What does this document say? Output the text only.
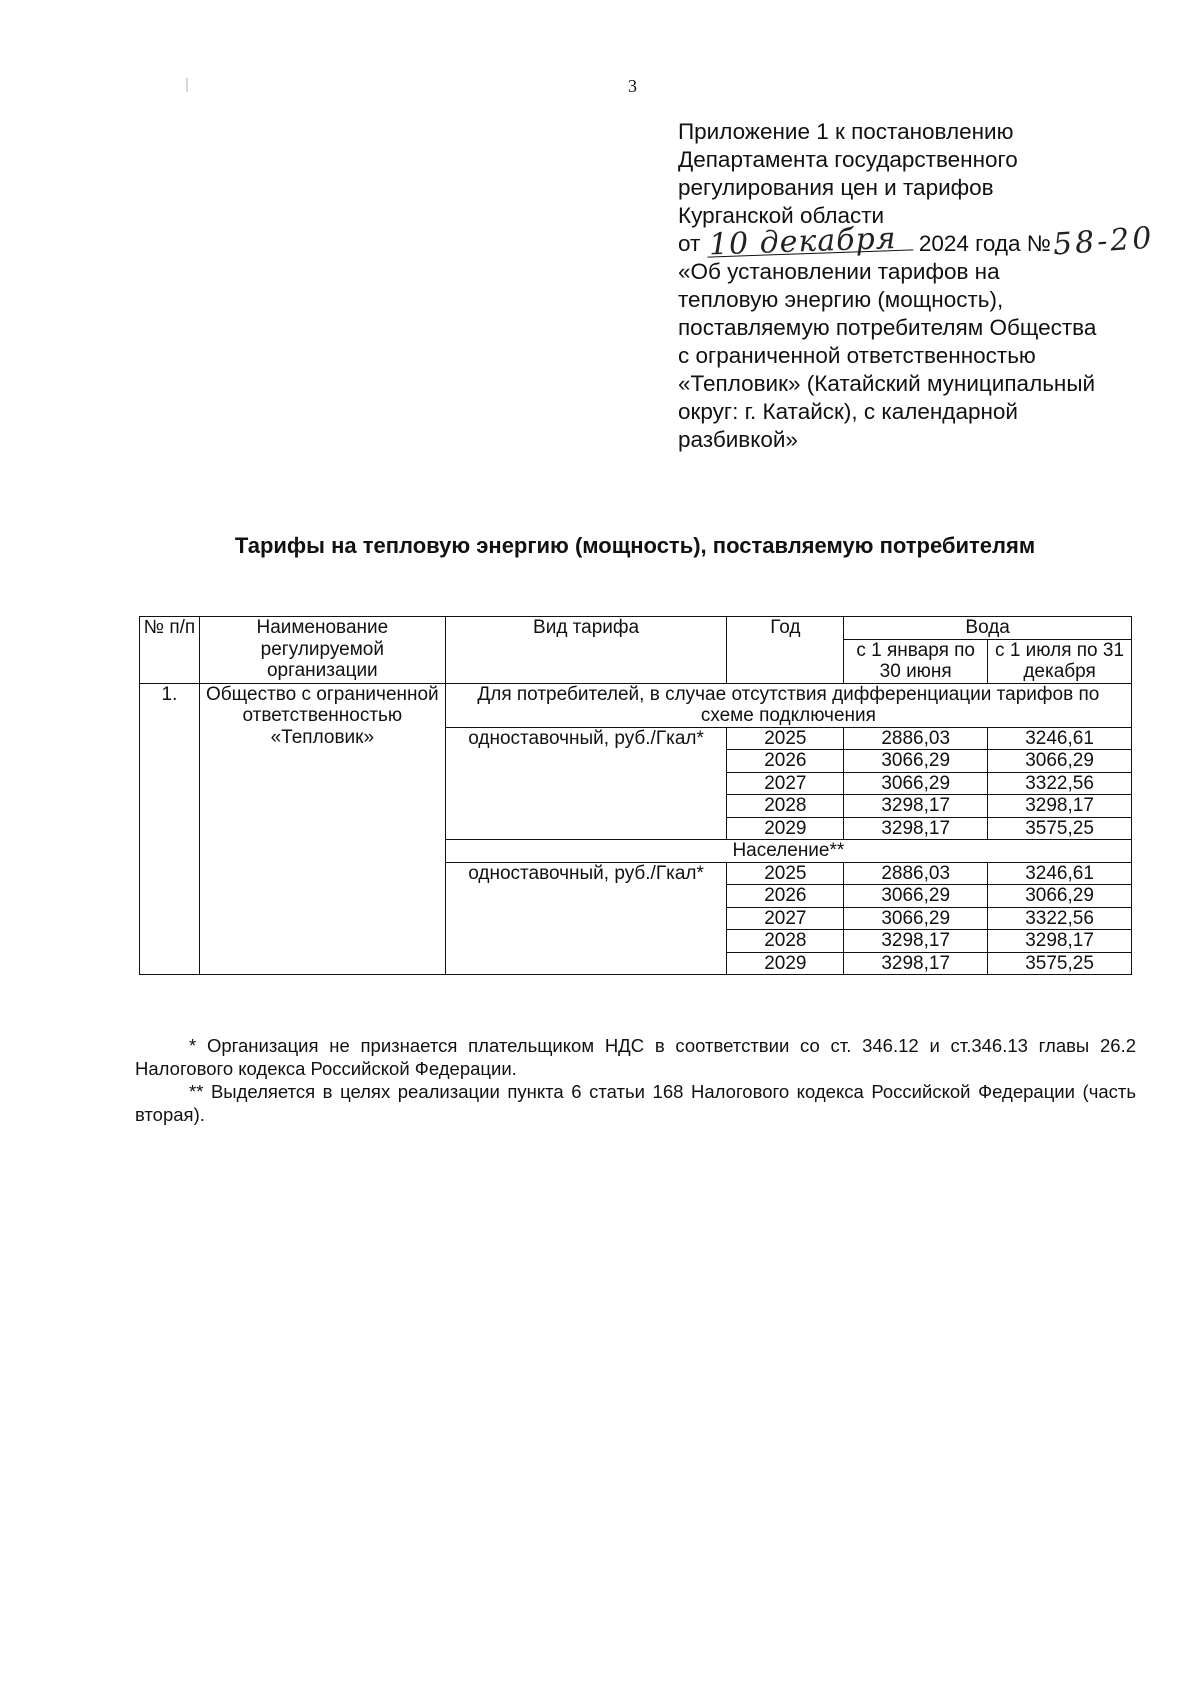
3
Приложение 1 к постановлению
Департамента государственного
регулирования цен и тарифов
Курганской области
от 10 декабря 2024 года №58-20
«Об установлении тарифов на
тепловую энергию (мощность),
поставляемую потребителям Общества
с ограниченной ответственностью
«Тепловик» (Катайский муниципальный
округ: г. Катайск), с календарной
разбивкой»
Тарифы на тепловую энергию (мощность), поставляемую потребителям
№ п/п	Наименование регулируемой организации	Вид тарифа	Год	Вода	
				с 1 января по 30 июня	с 1 июля по 31 декабря
1.	Общество с ограниченной ответственностью «Тепловик»	Для потребителей, в случае отсутствия дифференциации тарифов по схеме подключения			
		одноставочный, руб./Гкал*	2025	2886,03	3246,61
			2026	3066,29	3066,29
			2027	3066,29	3322,56
			2028	3298,17	3298,17
			2029	3298,17	3575,25
		Население**			
		одноставочный, руб./Гкал*	2025	2886,03	3246,61
			2026	3066,29	3066,29
			2027	3066,29	3322,56
			2028	3298,17	3298,17
			2029	3298,17	3575,25

* Организация не признается плательщиком НДС в соответствии со ст. 346.12 и ст.346.13 главы 26.2 Налогового кодекса Российской Федерации.

** Выделяется в целях реализации пункта 6 статьи 168 Налогового кодекса Российской Федерации (часть вторая).
